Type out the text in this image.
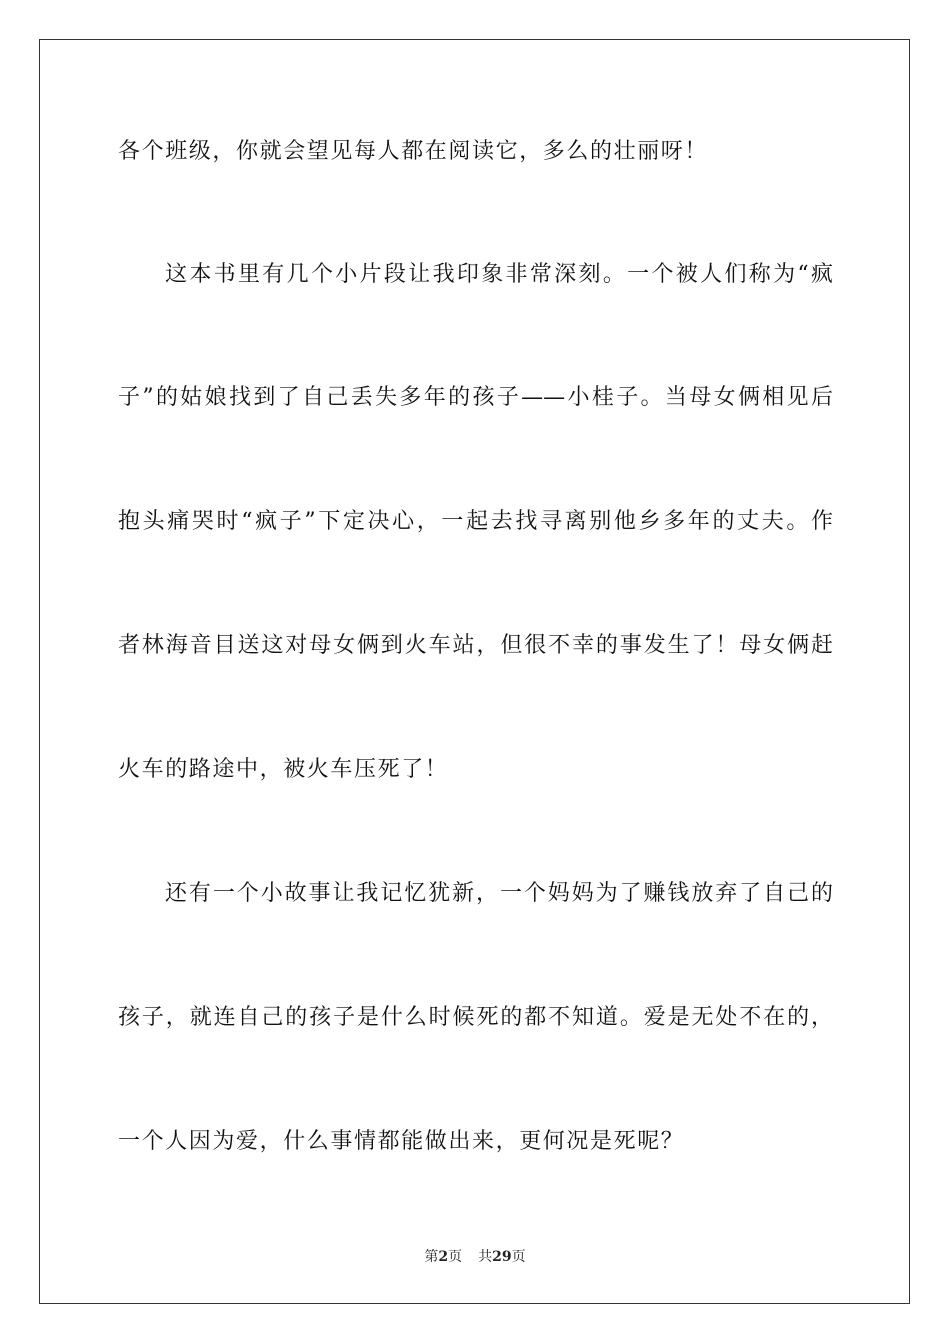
各个班级，你就会望见每人都在阅读它，多么的壮丽呀！
这本书里有几个小片段让我印象非常深刻。一个被人们称为“疯
子”的姑娘找到了自己丢失多年的孩子——小桂子。当母女俩相见后
抱头痛哭时“疯子”下定决心，一起去找寻离别他乡多年的丈夫。作
者林海音目送这对母女俩到火车站，但很不幸的事发生了！母女俩赶
火车的路途中，被火车压死了！
还有一个小故事让我记忆犹新，一个妈妈为了赚钱放弃了自己的
孩子，就连自己的孩子是什么时候死的都不知道。爱是无处不在的，
一个人因为爱，什么事情都能做出来，更何况是死呢？
第2页 共29页
